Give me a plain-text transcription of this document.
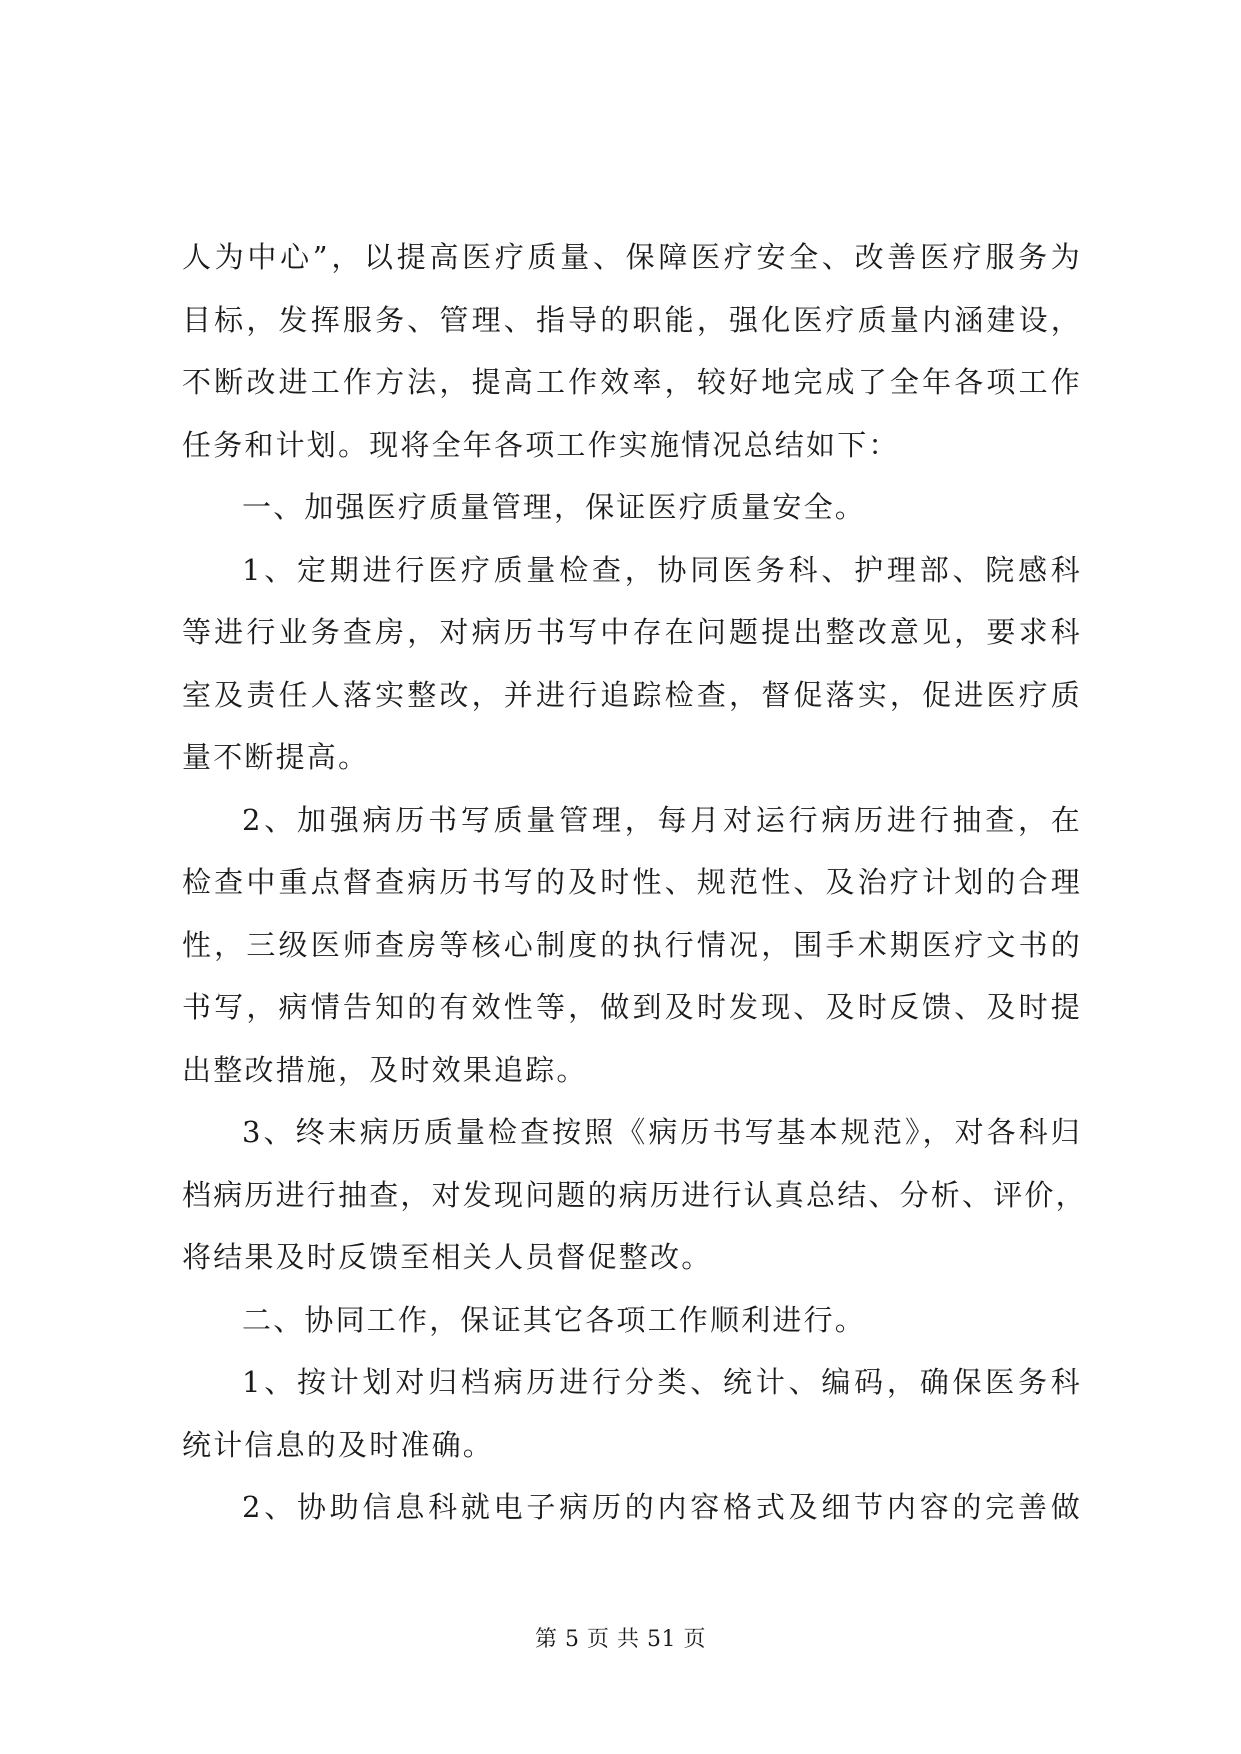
人为中心”，以提高医疗质量、保障医疗安全、改善医疗服务为
目标，发挥服务、管理、指导的职能，强化医疗质量内涵建设，
不断改进工作方法，提高工作效率，较好地完成了全年各项工作
任务和计划。现将全年各项工作实施情况总结如下：
一、加强医疗质量管理，保证医疗质量安全。
1、定期进行医疗质量检查，协同医务科、护理部、院感科
等进行业务查房，对病历书写中存在问题提出整改意见，要求科
室及责任人落实整改，并进行追踪检查，督促落实，促进医疗质
量不断提高。
2、加强病历书写质量管理，每月对运行病历进行抽查，在
检查中重点督查病历书写的及时性、规范性、及治疗计划的合理
性，三级医师查房等核心制度的执行情况，围手术期医疗文书的
书写，病情告知的有效性等，做到及时发现、及时反馈、及时提
出整改措施，及时效果追踪。
3、终末病历质量检查按照《病历书写基本规范》，对各科归
档病历进行抽查，对发现问题的病历进行认真总结、分析、评价，
将结果及时反馈至相关人员督促整改。
二、协同工作，保证其它各项工作顺利进行。
1、按计划对归档病历进行分类、统计、编码，确保医务科
统计信息的及时准确。
2、协助信息科就电子病历的内容格式及细节内容的完善做
第 5 页 共 51 页
